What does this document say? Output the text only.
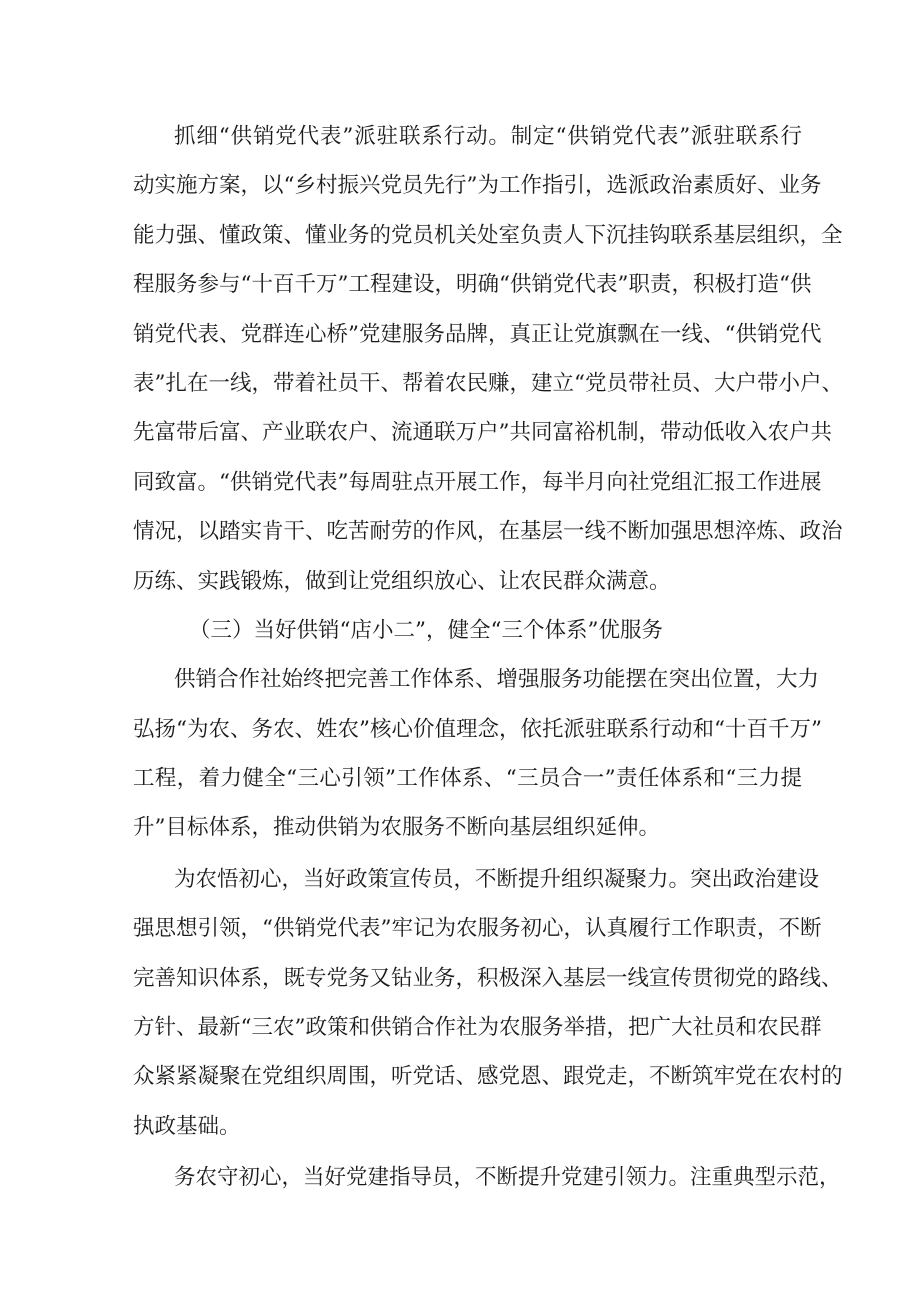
抓细“供销党代表”派驻联系行动。制定“供销党代表”派驻联系行
动实施方案，以“乡村振兴党员先行”为工作指引，选派政治素质好、业务
能力强、懂政策、懂业务的党员机关处室负责人下沉挂钩联系基层组织，全
程服务参与“十百千万”工程建设，明确“供销党代表”职责，积极打造“供
销党代表、党群连心桥”党建服务品牌，真正让党旗飘在一线、“供销党代
表”扎在一线，带着社员干、帮着农民赚，建立“党员带社员、大户带小户、
先富带后富、产业联农户、流通联万户”共同富裕机制，带动低收入农户共
同致富。“供销党代表”每周驻点开展工作，每半月向社党组汇报工作进展
情况，以踏实肯干、吃苦耐劳的作风，在基层一线不断加强思想淬炼、政治
历练、实践锻炼，做到让党组织放心、让农民群众满意。
（三）当好供销“店小二”，健全“三个体系”优服务
供销合作社始终把完善工作体系、增强服务功能摆在突出位置，大力
弘扬“为农、务农、姓农”核心价值理念，依托派驻联系行动和“十百千万”
工程，着力健全“三心引领”工作体系、“三员合一”责任体系和“三力提
升”目标体系，推动供销为农服务不断向基层组织延伸。
为农悟初心，当好政策宣传员，不断提升组织凝聚力。突出政治建设
强思想引领，“供销党代表”牢记为农服务初心，认真履行工作职责，不断
完善知识体系，既专党务又钻业务，积极深入基层一线宣传贯彻党的路线、
方针、最新“三农”政策和供销合作社为农服务举措，把广大社员和农民群
众紧紧凝聚在党组织周围，听党话、感党恩、跟党走，不断筑牢党在农村的
执政基础。
务农守初心，当好党建指导员，不断提升党建引领力。注重典型示范，
